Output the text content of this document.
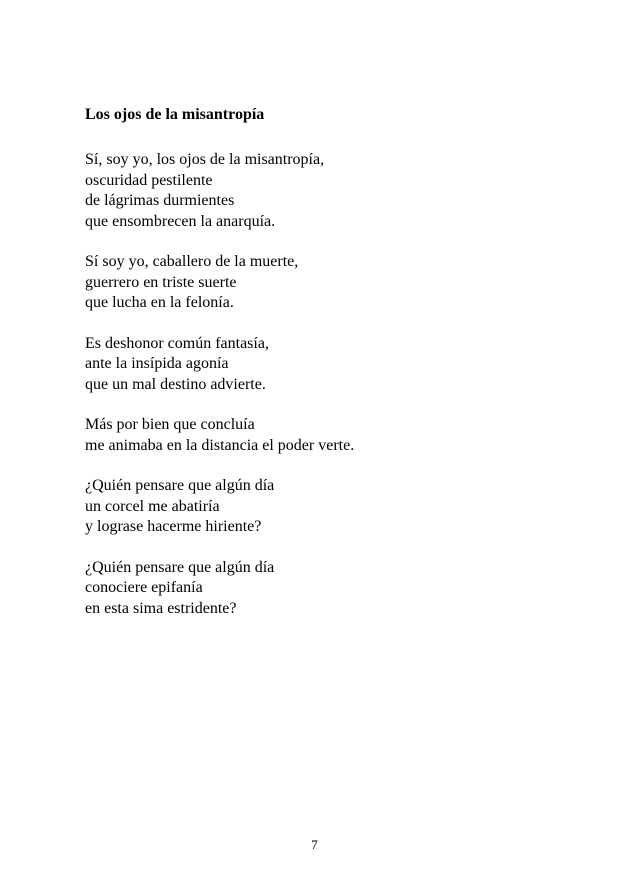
Los ojos de la misantropía
Sí, soy yo, los ojos de la misantropía,
oscuridad pestilente
de lágrimas durmientes
que ensombrecen la anarquía.
Sí soy yo, caballero de la muerte,
guerrero en triste suerte
que lucha en la felonía.
Es deshonor común fantasía,
ante la insípida agonía
que un mal destino advierte.
Más por bien que concluía
me animaba en la distancia el poder verte.
¿Quién pensare que algún día
un corcel me abatiría
y lograse hacerme hiriente?
¿Quién pensare que algún día
conociere epifanía
en esta sima estridente?
7
